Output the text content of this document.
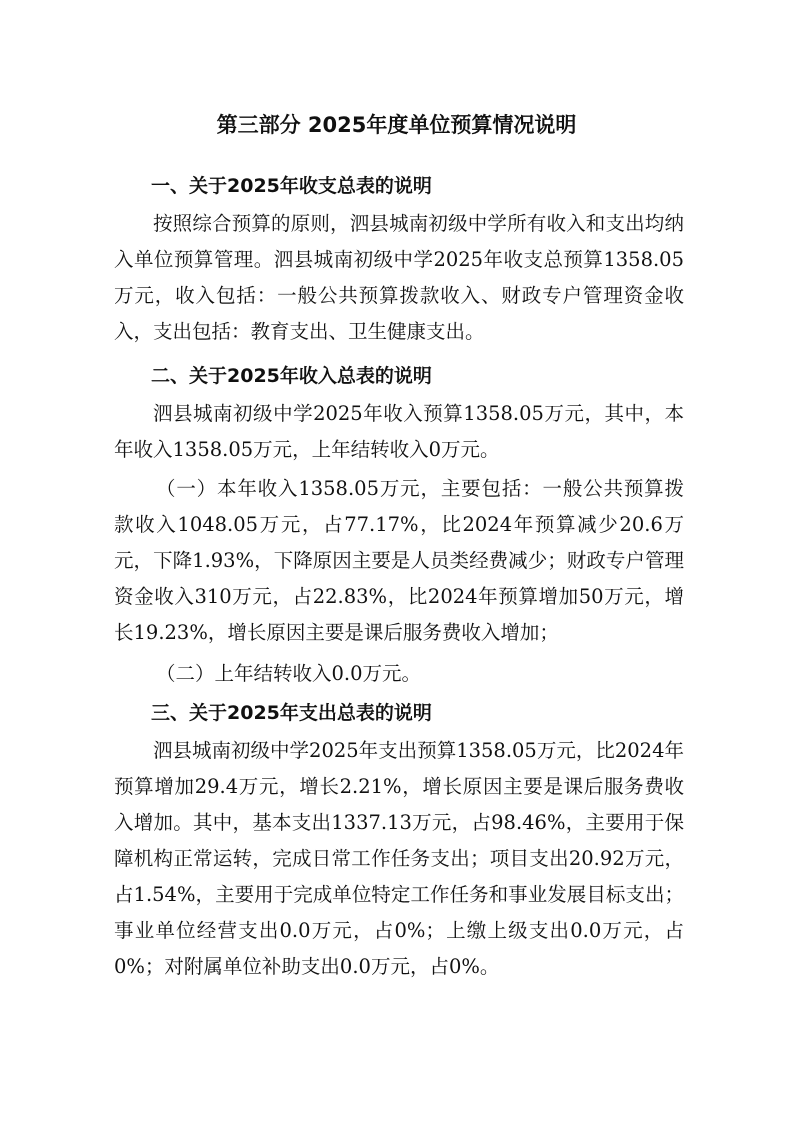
第三部分 2025年度单位预算情况说明
一、关于2025年收支总表的说明

按照综合预算的原则，泗县城南初级中学所有收入和支出均纳入单位预算管理。泗县城南初级中学2025年收支总预算1358.05万元，收入包括：一般公共预算拨款收入、财政专户管理资金收入，支出包括：教育支出、卫生健康支出。

二、关于2025年收入总表的说明

泗县城南初级中学2025年收入预算1358.05万元，其中，本年收入1358.05万元，上年结转收入0万元。

（一）本年收入1358.05万元，主要包括：一般公共预算拨款收入1048.05万元，占77.17%，比2024年预算减少20.6万元，下降1.93%，下降原因主要是人员类经费减少；财政专户管理资金收入310万元，占22.83%，比2024年预算增加50万元，增长19.23%，增长原因主要是课后服务费收入增加；

（二）上年结转收入0.0万元。

三、关于2025年支出总表的说明

泗县城南初级中学2025年支出预算1358.05万元，比2024年预算增加29.4万元，增长2.21%，增长原因主要是课后服务费收入增加。其中，基本支出1337.13万元，占98.46%，主要用于保障机构正常运转，完成日常工作任务支出；项目支出20.92万元，占1.54%，主要用于完成单位特定工作任务和事业发展目标支出；事业单位经营支出0.0万元，占0%；上缴上级支出0.0万元，占0%；对附属单位补助支出0.0万元，占0%。
